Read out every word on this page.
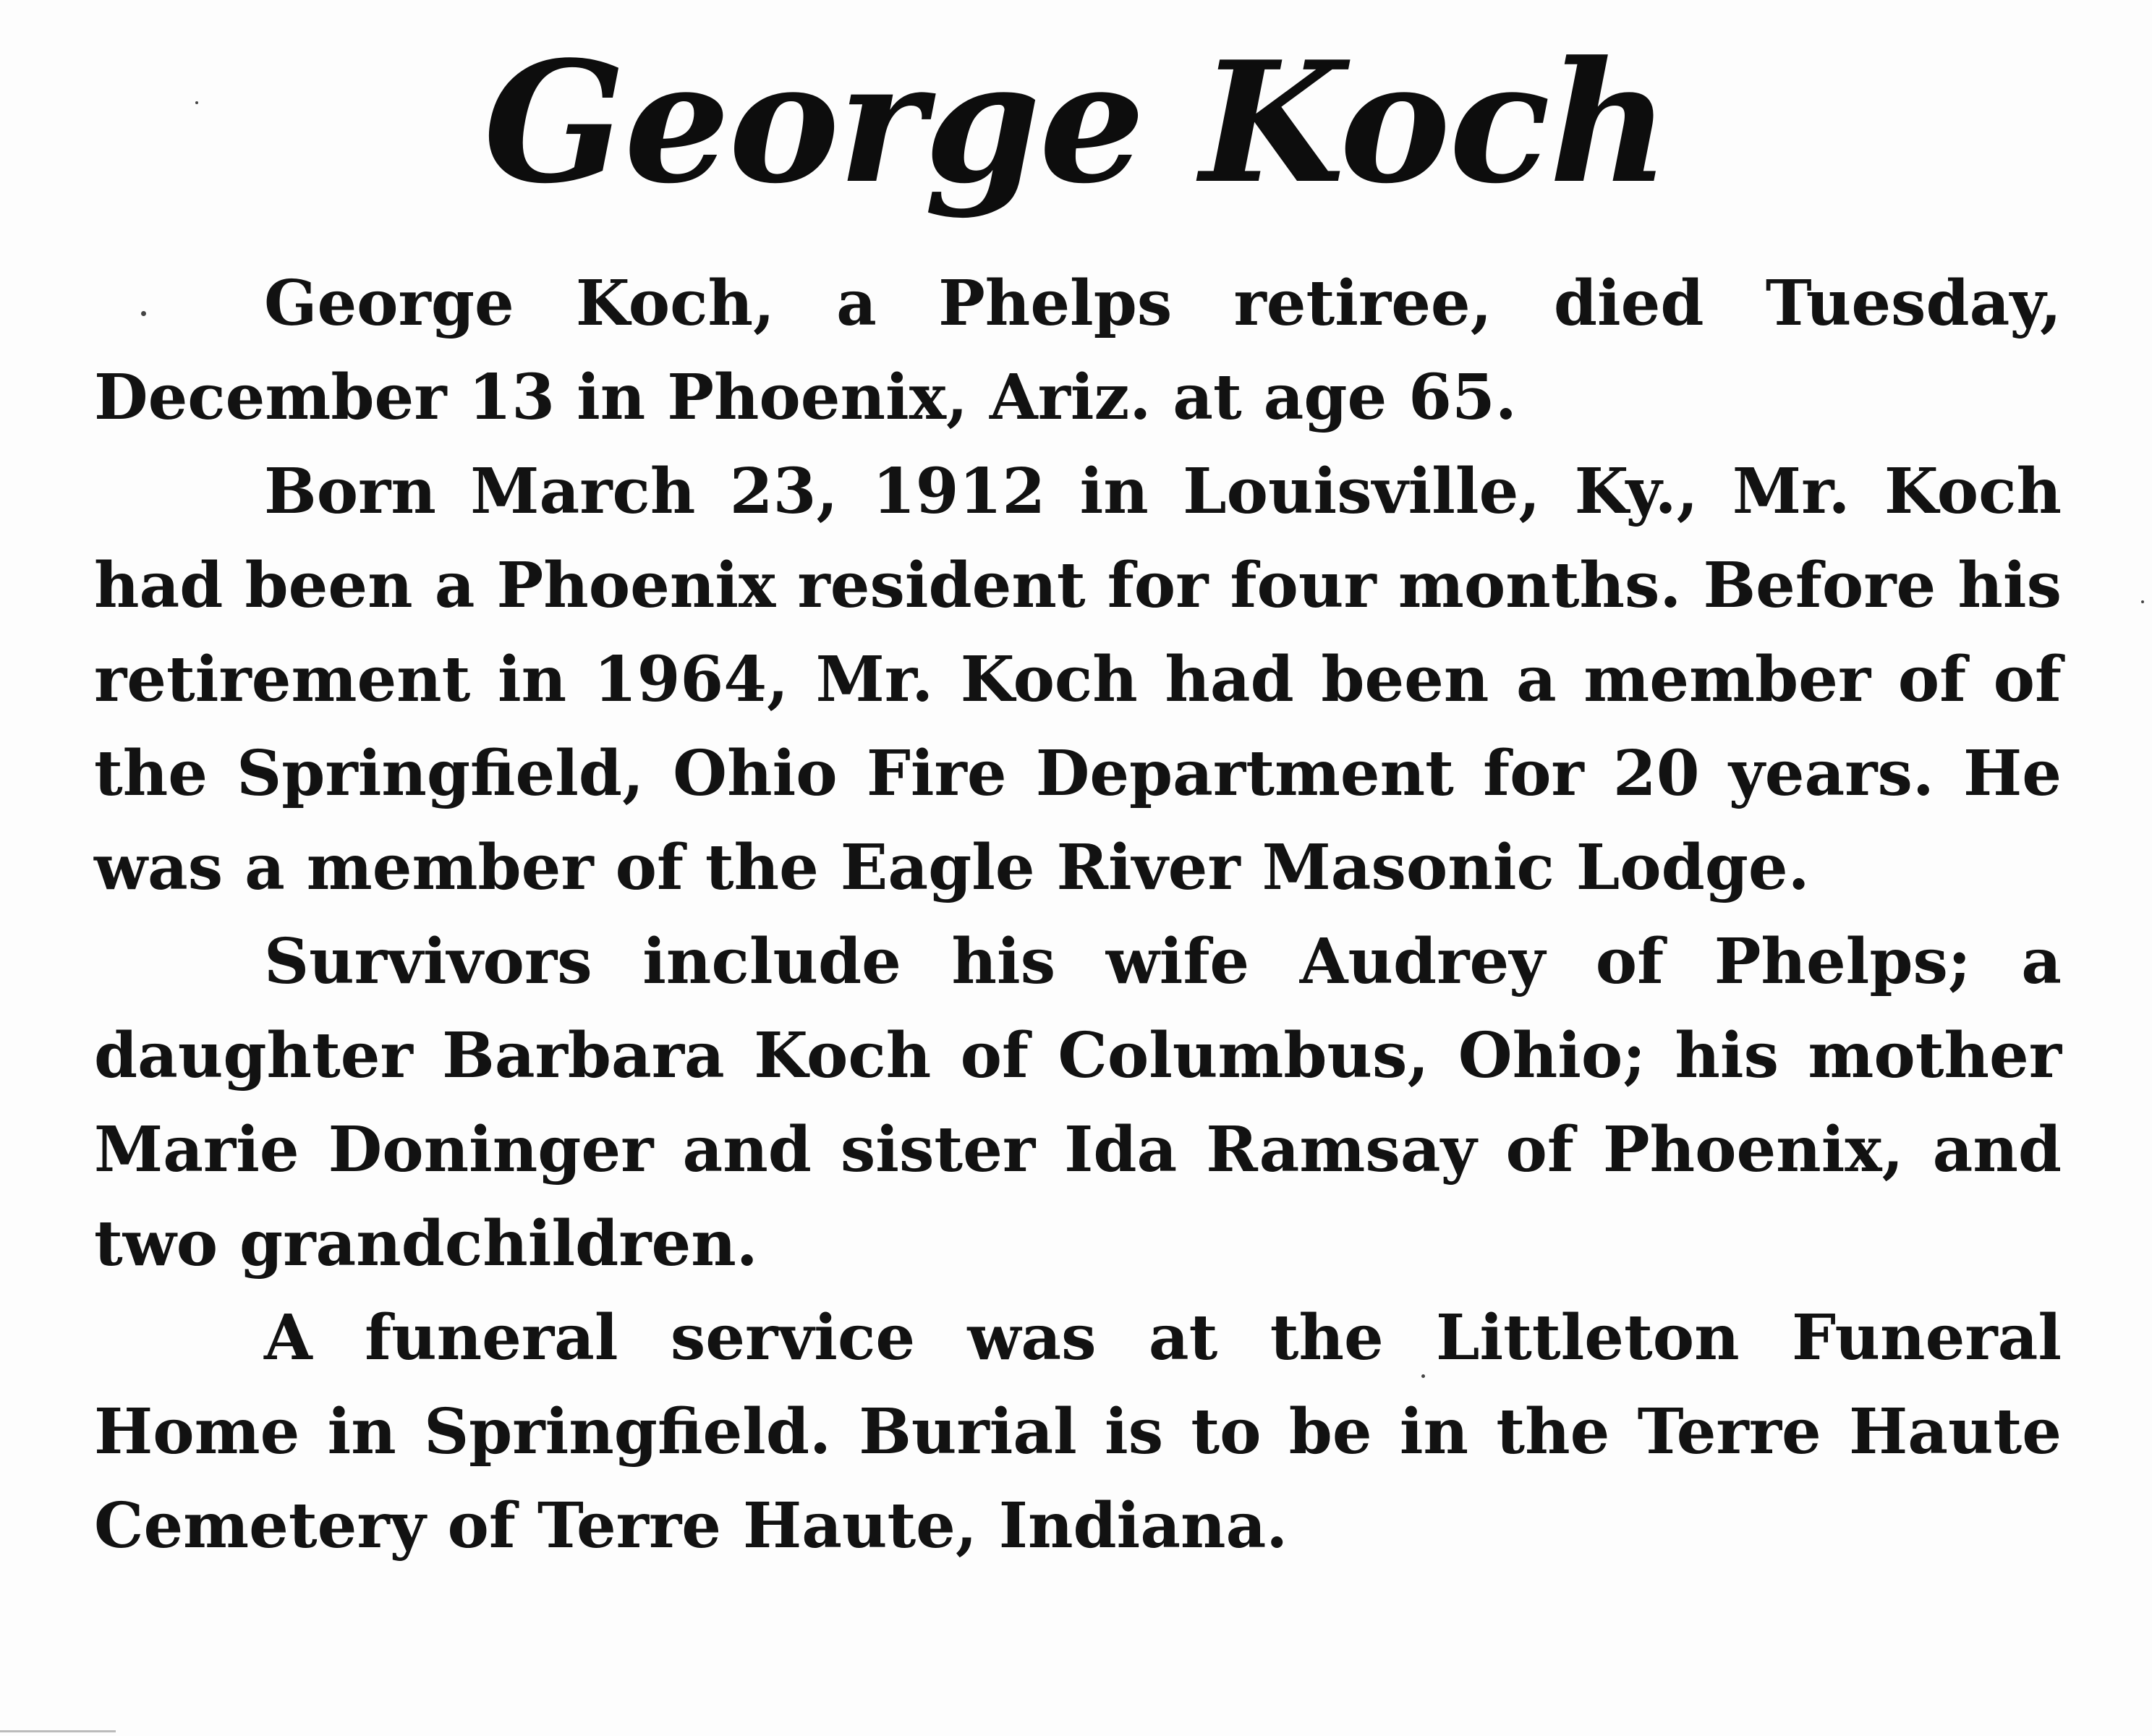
George Koch

George Koch, a Phelps retiree, died Tuesday, December 13 in Phoenix, Ariz. at age 65.

Born March 23, 1912 in Louisville, Ky., Mr. Koch had been a Phoenix resident for four months. Before his retirement in 1964, Mr. Koch had been a member of of the Springfield, Ohio Fire Department for 20 years. He was a member of the Eagle River Masonic Lodge.

Survivors include his wife Audrey of Phelps; a daughter Barbara Koch of Columbus, Ohio; his mother Marie Doninger and sister Ida Ramsay of Phoenix, and two grandchildren.

A funeral service was at the Littleton Funeral Home in Springfield. Burial is to be in the Terre Haute Cemetery of Terre Haute, Indiana.
